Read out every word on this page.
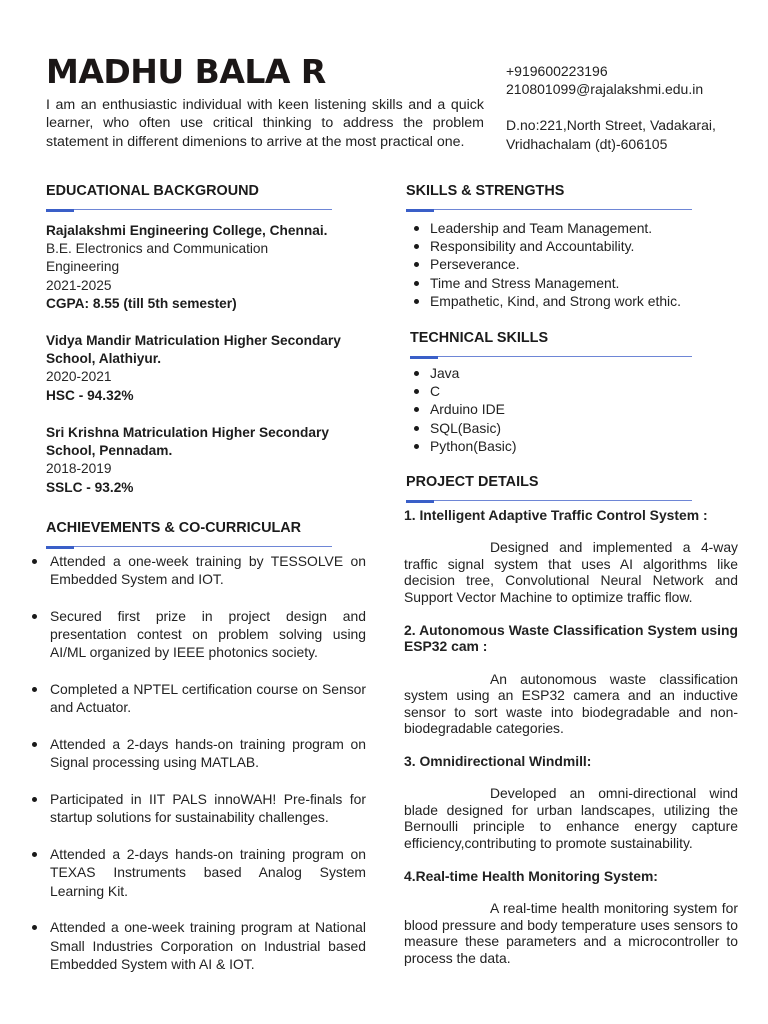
MADHU BALA R

I am an enthusiastic individual with keen listening skills and a quick learner, who often use critical thinking to address the problem statement in different dimenions to arrive at the most practical one.

+919600223196
210801099@rajalakshmi.edu.in
D.no:221,North Street, Vadakarai,
Vridhachalam (dt)-606105
EDUCATIONAL BACKGROUND
Rajalakshmi Engineering College, Chennai.
B.E. Electronics and Communication Engineering
2021-2025
CGPA: 8.55 (till 5th semester)
Vidya Mandir Matriculation Higher Secondary School, Alathiyur.
2020-2021
HSC - 94.32%
Sri Krishna Matriculation Higher Secondary School, Pennadam.
2018-2019
SSLC - 93.2%
ACHIEVEMENTS & CO-CURRICULAR
Attended a one-week training by TESSOLVE on Embedded System and IOT.
Secured first prize in project design and presentation contest on problem solving using AI/ML organized by IEEE photonics society.
Completed a NPTEL certification course on Sensor and Actuator.
Attended a 2-days hands-on training program on Signal processing using MATLAB.
Participated in IIT PALS innoWAH! Pre-finals for startup solutions for sustainability challenges.
Attended a 2-days hands-on training program on TEXAS Instruments based Analog System Learning Kit.
Attended a one-week training program at National Small Industries Corporation on Industrial based Embedded System with AI & IOT.
SKILLS & STRENGTHS
Leadership and Team Management.
Responsibility and Accountability.
Perseverance.
Time and Stress Management.
Empathetic, Kind, and Strong work ethic.
TECHNICAL SKILLS
Java
C
Arduino IDE
SQL(Basic)
Python(Basic)
PROJECT DETAILS

1. Intelligent Adaptive Traffic Control System :

Designed and implemented a 4-way traffic signal system that uses AI algorithms like decision tree, Convolutional Neural Network and Support Vector Machine to optimize traffic flow.

2. Autonomous Waste Classification System using ESP32 cam :

An autonomous waste classification system using an ESP32 camera and an inductive sensor to sort waste into biodegradable and non-biodegradable categories.

3. Omnidirectional Windmill:

Developed an omni-directional wind blade designed for urban landscapes, utilizing the Bernoulli principle to enhance energy capture efficiency,contributing to promote sustainability.

4.Real-time Health Monitoring System:

A real-time health monitoring system for blood pressure and body temperature uses sensors to measure these parameters and a microcontroller to process the data.
